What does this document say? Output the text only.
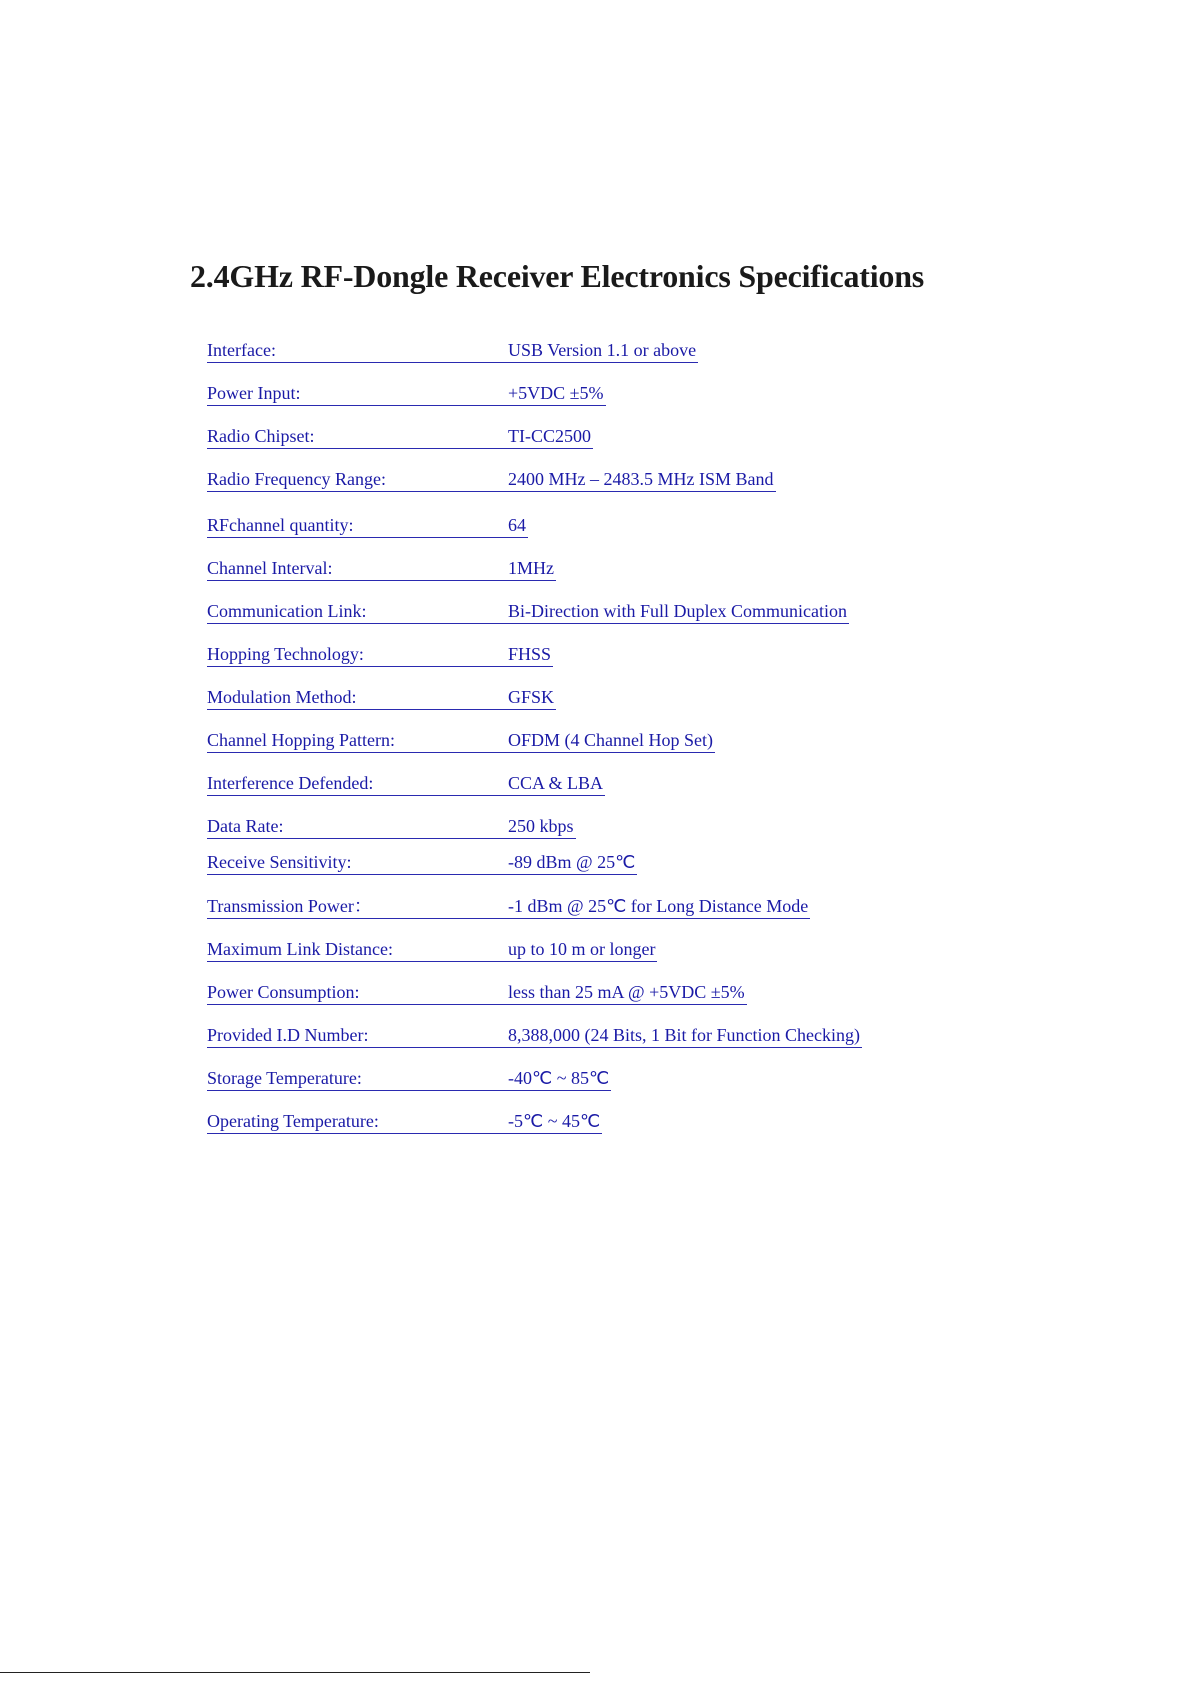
2.4GHz RF-Dongle Receiver Electronics Specifications
Interface:	USB Version 1.1 or above
Power Input:	+5VDC ±5%
Radio Chipset:	TI-CC2500
Radio Frequency Range:	2400 MHz – 2483.5 MHz ISM Band
RFchannel quantity:	64
Channel Interval:	1MHz
Communication Link:	Bi-Direction with Full Duplex Communication
Hopping Technology:	FHSS
Modulation Method:	GFSK
Channel Hopping Pattern:	OFDM (4 Channel Hop Set)
Interference Defended:	CCA & LBA
Data Rate:	250 kbps
Receive Sensitivity:	-89 dBm @ 25℃
Transmission Power：	-1 dBm @ 25℃ for Long Distance Mode
Maximum Link Distance:	up to 10 m or longer
Power Consumption:	less than 25 mA @ +5VDC ±5%
Provided I.D Number:	8,388,000 (24 Bits, 1 Bit for Function Checking)
Storage Temperature:	-40℃ ~ 85℃
Operating Temperature:	-5℃ ~ 45℃
